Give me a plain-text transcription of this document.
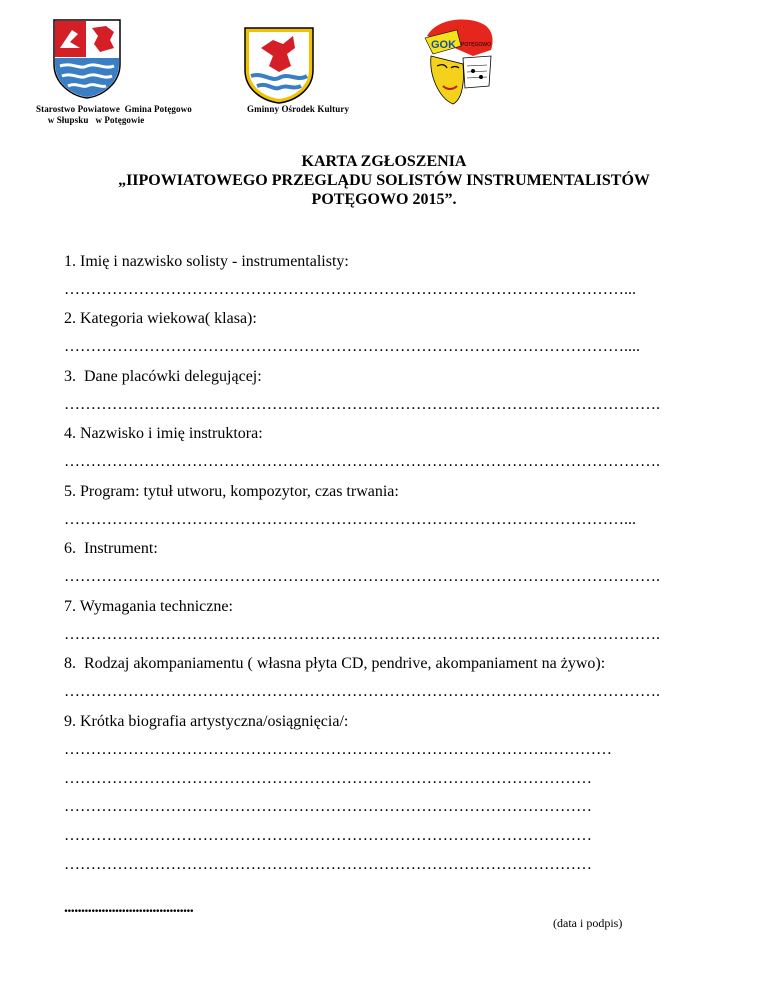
Starostwo Powiatowe  Gmina Potęgowo
w Słupsku   w Potęgowie
Gminny Ośrodek Kultury
GOK POTĘGOWO
KARTA ZGŁOSZENIA
„IIPOWIATOWEGO PRZEGLĄDU SOLISTÓW INSTRUMENTALISTÓW
POTĘGOWO 2015”.
1. Imię i nazwisko solisty - instrumentalisty:
……………………………………………………………………………………………...
2. Kategoria wiekowa( klasa):
……………………………………………………………………………………………....
3.  Dane placówki delegującej:
………………………………………………………………………………………………….
4. Nazwisko i imię instruktora:
………………………………………………………………………………………………….
5. Program: tytuł utworu, kompozytor, czas trwania:
……………………………………………………………………………………………...
6.  Instrument:
………………………………………………………………………………………………….
7. Wymagania techniczne:
………………………………………………………………………………………………….
8.  Rodzaj akompaniamentu ( własna płyta CD, pendrive, akompaniament na żywo):
………………………………………………………………………………………………….
9. Krótka biografia artystyczna/osiągnięcia/:
……………………………………………………………………………….…………
………………………………………………………………………………………
………………………………………………………………………………………
………………………………………………………………………………………
………………………………………………………………………………………
......................................
(data i podpis)
